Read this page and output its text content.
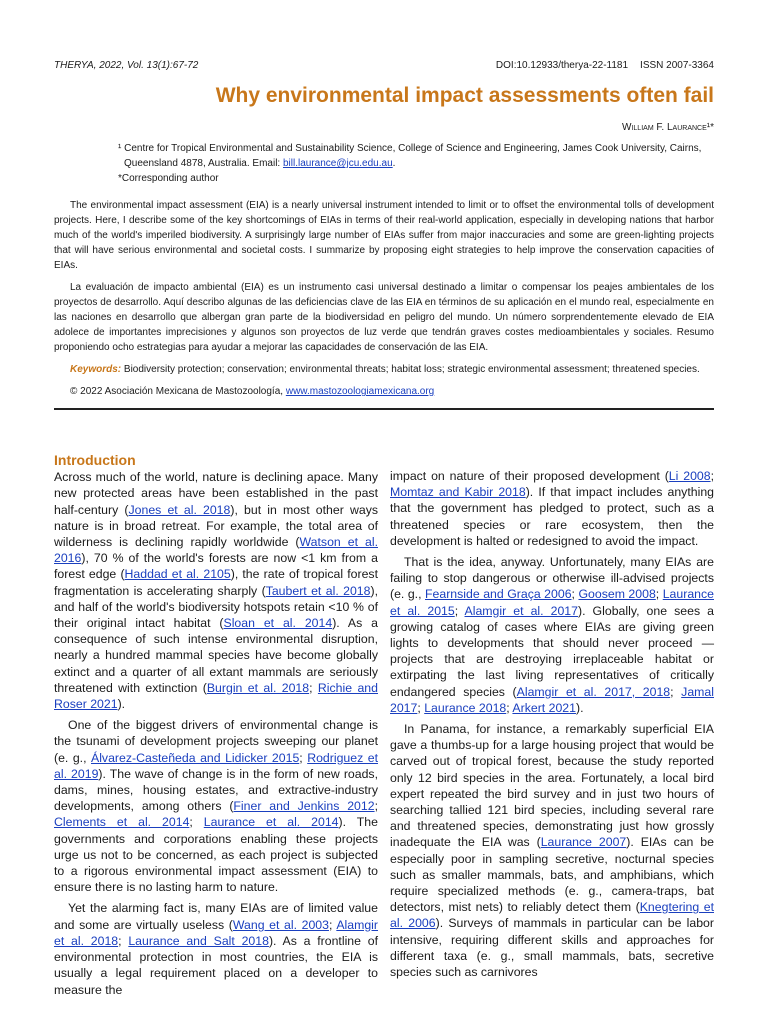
THERYA, 2022, Vol. 13(1):67-72	DOI:10.12933/therya-22-1181 ISSN 2007-3364
Why environmental impact assessments often fail
William F. Laurance¹*
¹ Centre for Tropical Environmental and Sustainability Science, College of Science and Engineering, James Cook University, Cairns,
Queensland 4878, Australia. Email: bill.laurance@jcu.edu.au.
*Corresponding author

The environmental impact assessment (EIA) is a nearly universal instrument intended to limit or to offset the environmental tolls of development projects. Here, I describe some of the key shortcomings of EIAs in terms of their real-world application, especially in developing nations that harbor much of the world's imperiled biodiversity. A surprisingly large number of EIAs suffer from major inaccuracies and some are green-lighting projects that will have serious environmental and societal costs. I summarize by proposing eight strategies to help improve the conservation capacities of EIAs.

La evaluación de impacto ambiental (EIA) es un instrumento casi universal destinado a limitar o compensar los peajes ambientales de los proyectos de desarrollo. Aquí describo algunas de las deficiencias clave de las EIA en términos de su aplicación en el mundo real, especialmente en las naciones en desarrollo que albergan gran parte de la biodiversidad en peligro del mundo. Un número sorprendentemente elevado de EIA adolece de importantes imprecisiones y algunos son proyectos de luz verde que tendrán graves costes medioambientales y sociales. Resumo proponiendo ocho estrategias para ayudar a mejorar las capacidades de conservación de las EIA.

Keywords: Biodiversity protection; conservation; environmental threats; habitat loss; strategic environmental assessment; threatened species.

© 2022 Asociación Mexicana de Mastozoología, www.mastozoologiamexicana.org

Introduction

Across much of the world, nature is declining apace. Many new protected areas have been established in the past half-century (Jones et al. 2018), but in most other ways nature is in broad retreat. For example, the total area of wilderness is declining rapidly worldwide (Watson et al. 2016), 70 % of the world's forests are now <1 km from a forest edge (Haddad et al. 2105), the rate of tropical forest fragmentation is accelerating sharply (Taubert et al. 2018), and half of the world's biodiversity hotspots retain <10 % of their original intact habitat (Sloan et al. 2014). As a consequence of such intense environmental disruption, nearly a hundred mammal species have become globally extinct and a quarter of all extant mammals are seriously threatened with extinction (Burgin et al. 2018; Richie and Roser 2021).

One of the biggest drivers of environmental change is the tsunami of development projects sweeping our planet (e. g., Álvarez-Casteñeda and Lidicker 2015; Rodriguez et al. 2019). The wave of change is in the form of new roads, dams, mines, housing estates, and extractive-industry developments, among others (Finer and Jenkins 2012; Clements et al. 2014; Laurance et al. 2014). The governments and corporations enabling these projects urge us not to be concerned, as each project is subjected to a rigorous environmental impact assessment (EIA) to ensure there is no lasting harm to nature.

Yet the alarming fact is, many EIAs are of limited value and some are virtually useless (Wang et al. 2003; Alamgir et al. 2018; Laurance and Salt 2018). As a frontline of environmental protection in most countries, the EIA is usually a legal requirement placed on a developer to measure the

impact on nature of their proposed development (Li 2008; Momtaz and Kabir 2018). If that impact includes anything that the government has pledged to protect, such as a threatened species or rare ecosystem, then the development is halted or redesigned to avoid the impact.

That is the idea, anyway. Unfortunately, many EIAs are failing to stop dangerous or otherwise ill-advised projects (e. g., Fearnside and Graça 2006; Goosem 2008; Laurance et al. 2015; Alamgir et al. 2017). Globally, one sees a growing catalog of cases where EIAs are giving green lights to developments that should never proceed — projects that are destroying irreplaceable habitat or extirpating the last living representatives of critically endangered species (Alamgir et al. 2017, 2018; Jamal 2017; Laurance 2018; Arkert 2021).

In Panama, for instance, a remarkably superficial EIA gave a thumbs-up for a large housing project that would be carved out of tropical forest, because the study reported only 12 bird species in the area. Fortunately, a local bird expert repeated the bird survey and in just two hours of searching tallied 121 bird species, including several rare and threatened species, demonstrating just how grossly inadequate the EIA was (Laurance 2007). EIAs can be especially poor in sampling secretive, nocturnal species such as smaller mammals, bats, and amphibians, which require specialized methods (e. g., camera-traps, bat detectors, mist nets) to reliably detect them (Knegtering et al. 2006). Surveys of mammals in particular can be labor intensive, requiring different skills and approaches for different taxa (e. g., small mammals, bats, secretive species such as carnivores
